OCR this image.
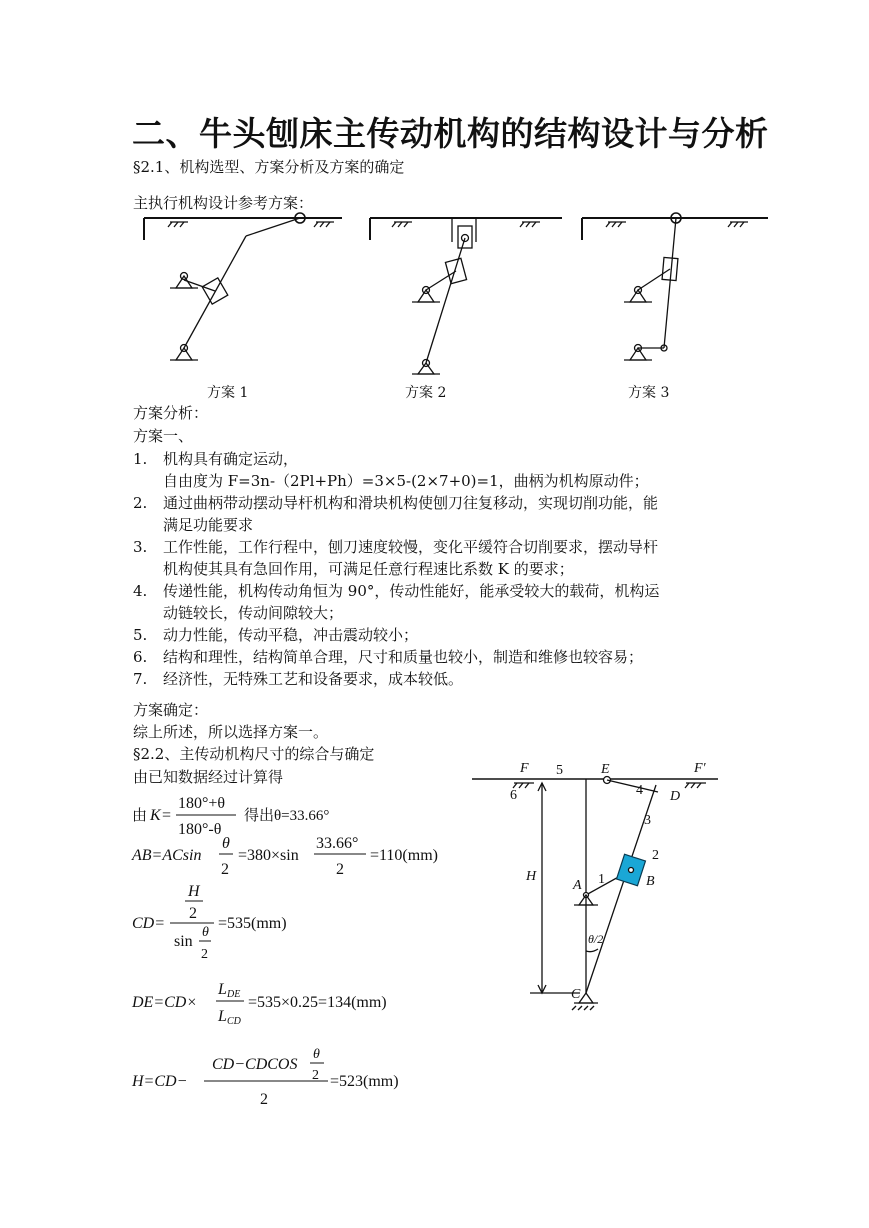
二、牛头刨床主传动机构的结构设计与分析
§2.1、机构选型、方案分析及方案的确定
主执行机构设计参考方案：
方案 1	方案 2	方案 3
方案分析：
方案一、
1. 机构具有确定运动，
自由度为 F=3n-（2Pl+Ph）=3×5-(2×7+0)=1，曲柄为机构原动件；
2. 通过曲柄带动摆动导杆机构和滑块机构使刨刀往复移动，实现切削功能，能
满足功能要求
3. 工作性能，工作行程中，刨刀速度较慢，变化平缓符合切削要求，摆动导杆
机构使其具有急回作用，可满足任意行程速比系数 K 的要求；
4. 传递性能，机构传动角恒为 90°，传动性能好，能承受较大的载荷，机构运
动链较长，传动间隙较大；
5. 动力性能，传动平稳，冲击震动较小；
6. 结构和理性，结构简单合理，尺寸和质量也较小，制造和维修也较容易；
7. 经济性，无特殊工艺和设备要求，成本较低。
方案确定：
综上所述，所以选择方案一。
§2.2、主传动机构尺寸的综合与确定
由已知数据经过计算得
由 K =
180°+θ
180°-θ
得出θ=33.66°
AB=ACsin
θ
2
=380×sin
33.66°
2
=110(mm)
CD=
H
2
sin
θ
2
=535(mm)
DE=CD×
L DE
L CD
=535×0.25=134(mm)
H=CD−
CD−CDCOS
θ
2
2
=523(mm)
F 5	E	F′
6	4 D
3
2
H
A 1	B
θ/2
C
